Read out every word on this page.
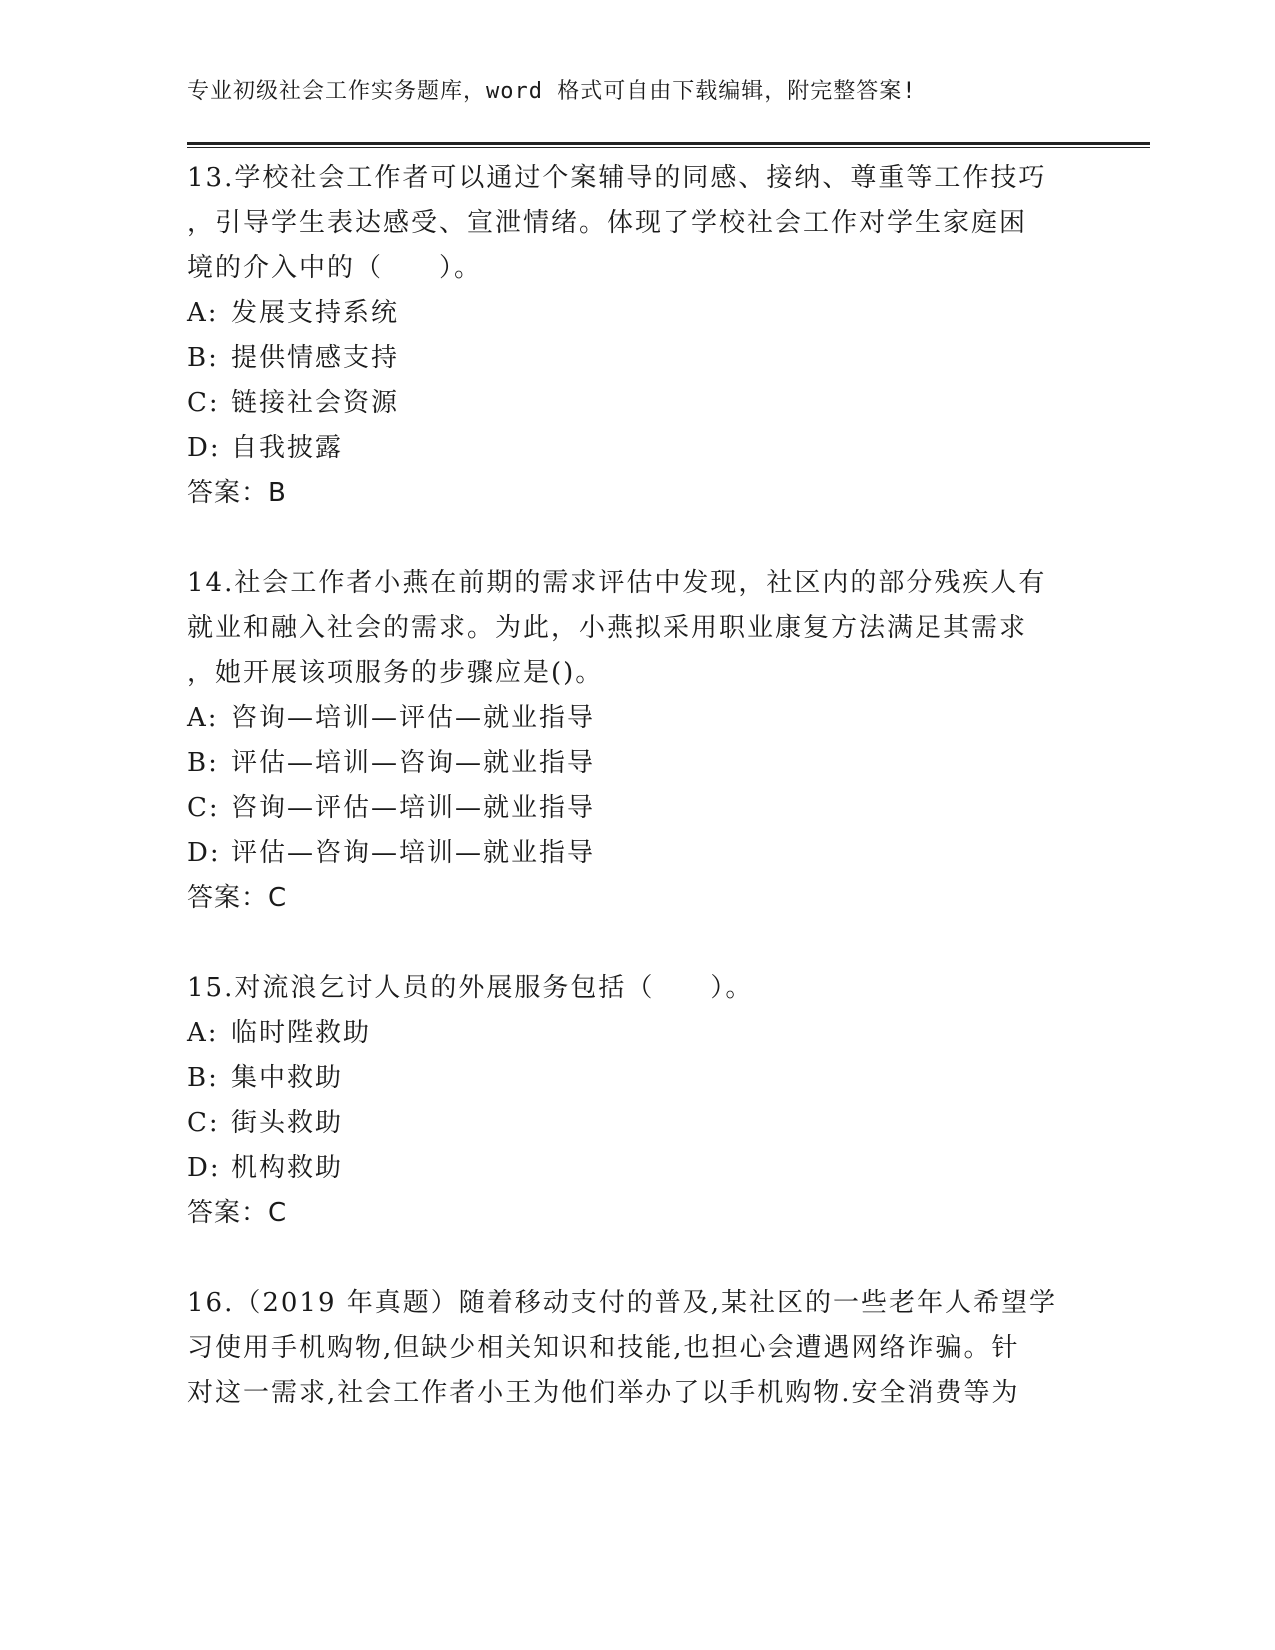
专业初级社会工作实务题库，word 格式可自由下载编辑，附完整答案!

13.学校社会工作者可以通过个案辅导的同感、接纳、尊重等工作技巧

，引导学生表达感受、宣泄情绪。体现了学校社会工作对学生家庭困

境的介入中的（　　）。

A: 发展支持系统

B: 提供情感支持

C: 链接社会资源

D: 自我披露

答案：B

14.社会工作者小燕在前期的需求评估中发现，社区内的部分残疾人有

就业和融入社会的需求。为此，小燕拟采用职业康复方法满足其需求

，她开展该项服务的步骤应是()。

A: 咨询—培训—评估—就业指导

B: 评估—培训—咨询—就业指导

C: 咨询—评估—培训—就业指导

D: 评估—咨询—培训—就业指导

答案：C

15.对流浪乞讨人员的外展服务包括（　　）。

A: 临时陛救助

B: 集中救助

C: 街头救助

D: 机构救助

答案：C

16.（2019 年真题）随着移动支付的普及,某社区的一些老年人希望学

习使用手机购物,但缺少相关知识和技能,也担心会遭遇网络诈骗。针

对这一需求,社会工作者小王为他们举办了以手机购物.安全消费等为
